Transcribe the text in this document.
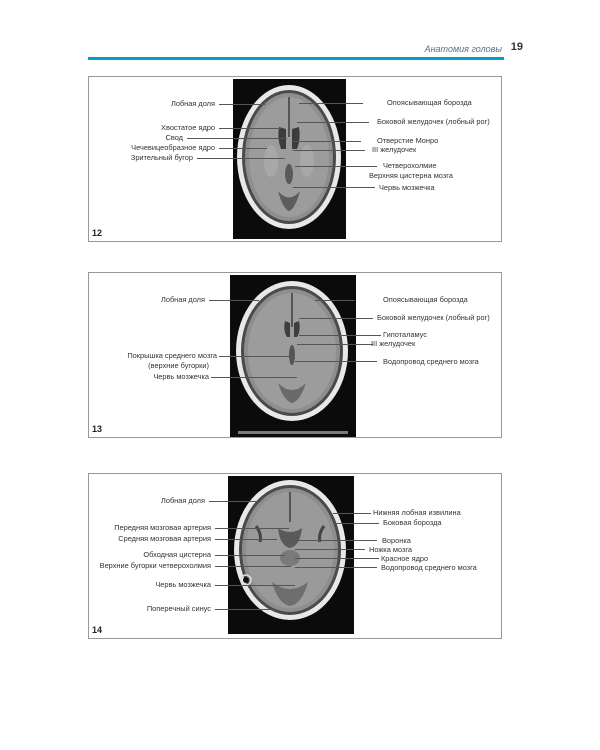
Анатомия головы 19
Лобная доля
Хвостатое ядро
Свод
Чечевицеобразное ядро
Зрительный бугор
Опоясывающая борозда
Боковой желудочек (лобный рог)
Отверстие Монро
III желудочек
Четверохолмие
Верхняя цистерна мозга
Червь мозжечка
12
Лобная доля
Покрышка среднего мозга
(верхние бугорки)
Червь мозжечка
Опоясывающая борозда
Боковой желудочек (лобный рог)
Гипоталамус
III желудочек
Водопровод среднего мозга
13
Лобная доля
Передняя мозговая артерия
Средняя мозговая артерия
Обходная цистерна
Верхние бугорки четверохолмия
Червь мозжечка
Поперечный синус
Нижняя лобная извилина
Боковая борозда
Воронка
Ножка мозга
Красное ядро
Водопровод среднего мозга
14
